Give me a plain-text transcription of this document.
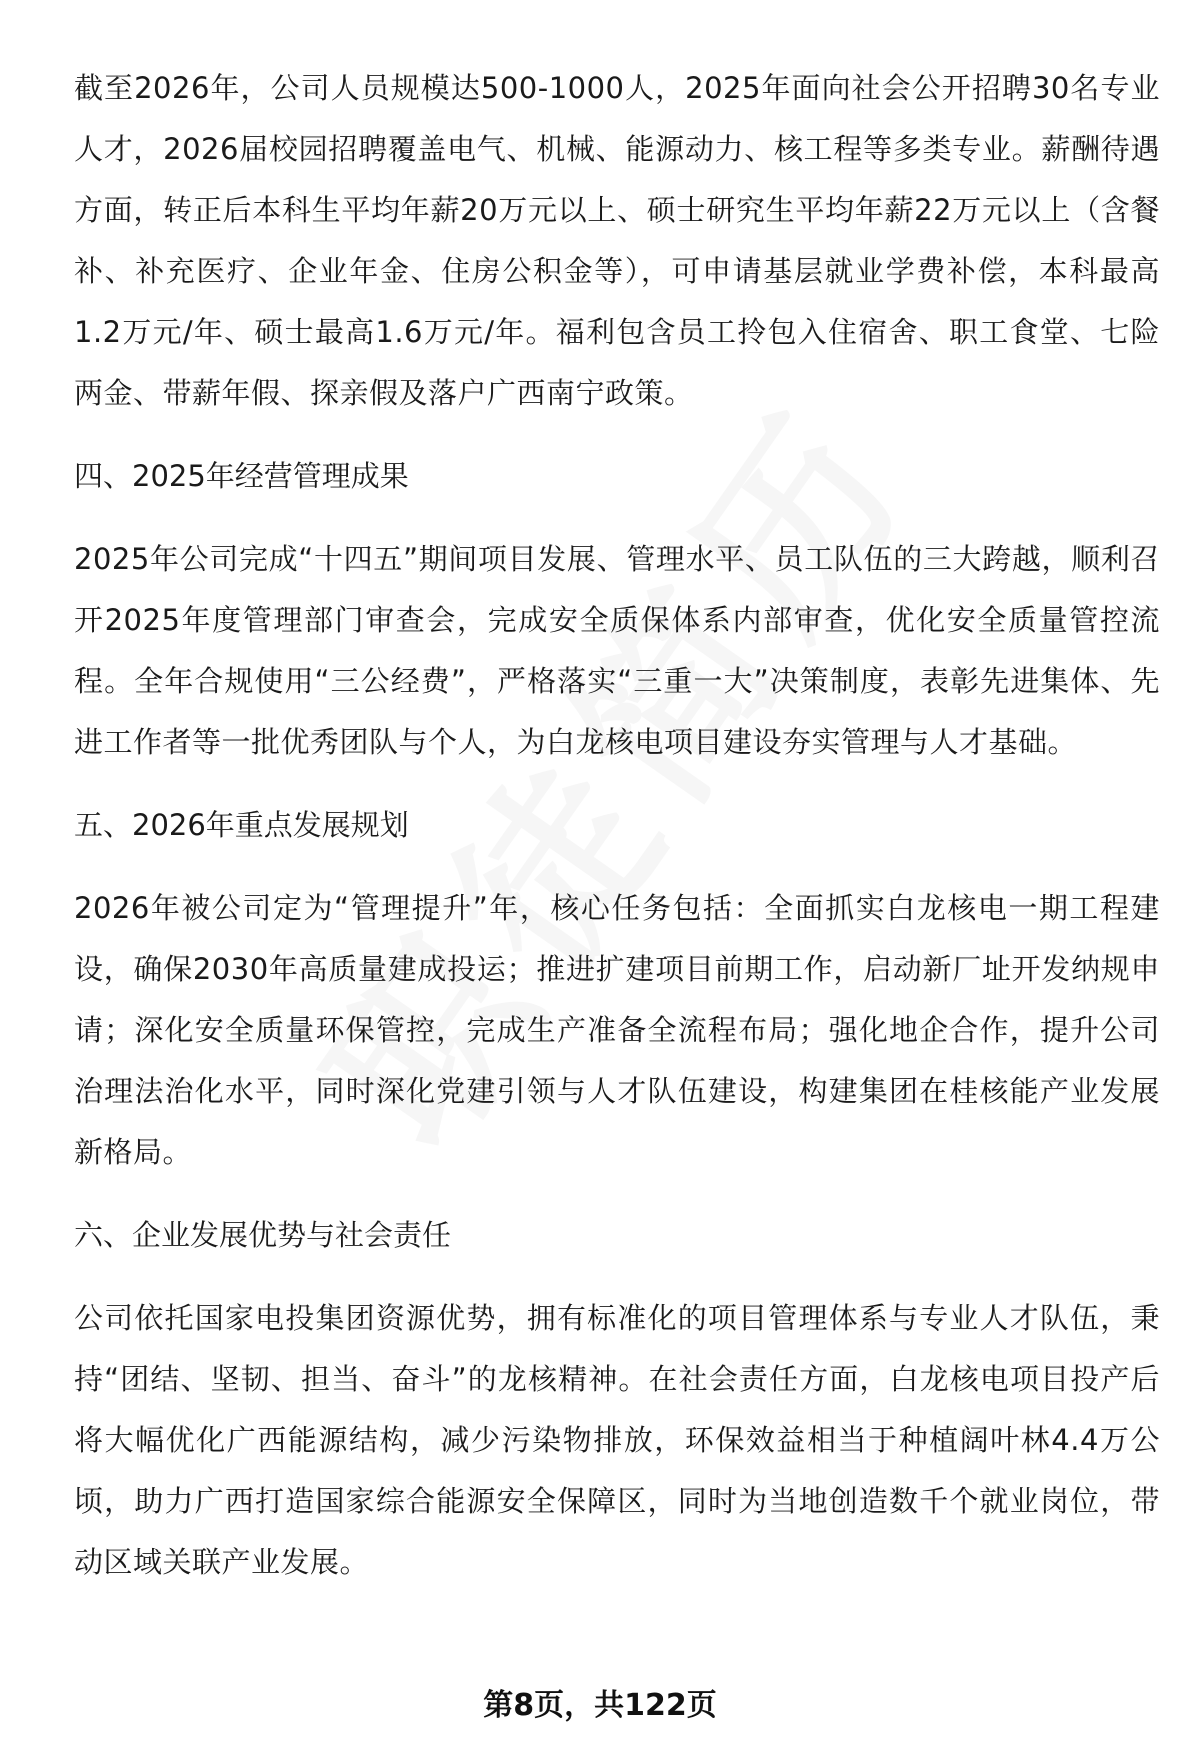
截至2026年，公司人员规模达500-1000人，2025年面向社会公开招聘30名专业人才，2026届校园招聘覆盖电气、机械、能源动力、核工程等多类专业。薪酬待遇方面，转正后本科生平均年薪20万元以上、硕士研究生平均年薪22万元以上（含餐补、补充医疗、企业年金、住房公积金等），可申请基层就业学费补偿，本科最高1.2万元/年、硕士最高1.6万元/年。福利包含员工拎包入住宿舍、职工食堂、七险两金、带薪年假、探亲假及落户广西南宁政策。

四、2025年经营管理成果

2025年公司完成“十四五”期间项目发展、管理水平、员工队伍的三大跨越，顺利召开2025年度管理部门审查会，完成安全质保体系内部审查，优化安全质量管控流程。全年合规使用“三公经费”，严格落实“三重一大”决策制度，表彰先进集体、先进工作者等一批优秀团队与个人，为白龙核电项目建设夯实管理与人才基础。

五、2026年重点发展规划

2026年被公司定为“管理提升”年，核心任务包括：全面抓实白龙核电一期工程建设，确保2030年高质量建成投运；推进扩建项目前期工作，启动新厂址开发纳规申请；深化安全质量环保管控，完成生产准备全流程布局；强化地企合作，提升公司治理法治化水平，同时深化党建引领与人才队伍建设，构建集团在桂核能产业发展新格局。

六、企业发展优势与社会责任

公司依托国家电投集团资源优势，拥有标准化的项目管理体系与专业人才队伍，秉持“团结、坚韧、担当、奋斗”的龙核精神。在社会责任方面，白龙核电项目投产后将大幅优化广西能源结构，减少污染物排放，环保效益相当于种植阔叶林4.4万公顷，助力广西打造国家综合能源安全保障区，同时为当地创造数千个就业岗位，带动区域关联产业发展。

第8页，共122页
